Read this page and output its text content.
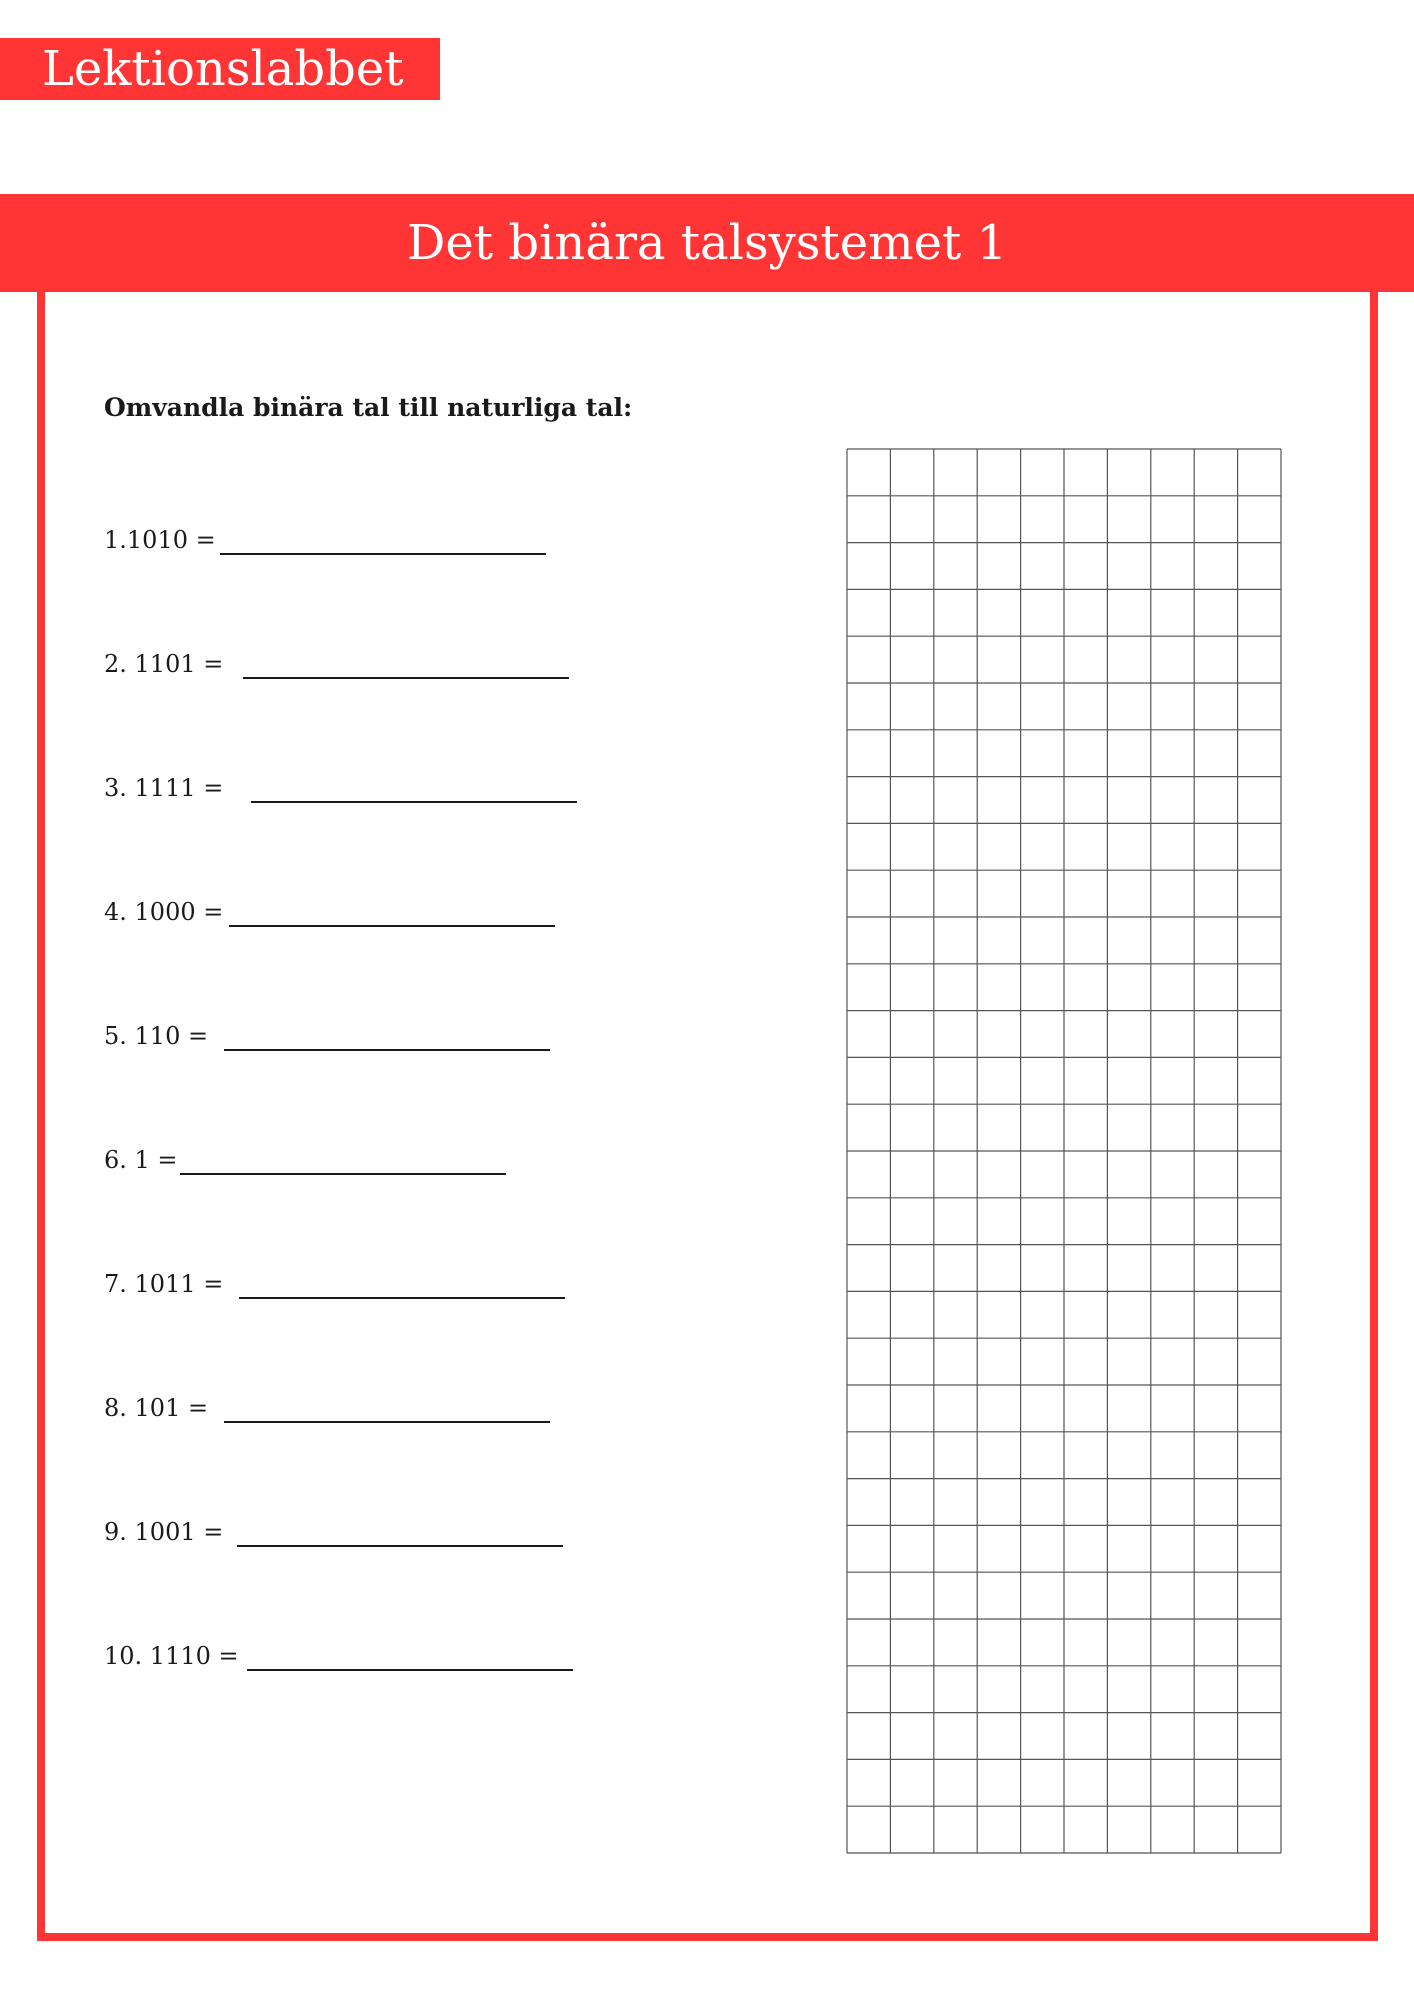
Lektionslabbet
Det binära talsystemet 1
Omvandla binära tal till naturliga tal:
1.1010 =
2. 1101 =
3. 1111 =
4. 1000 =
5. 110 =
6. 1 =
7. 1011 =
8. 101 =
9. 1001 =
10. 1110 =
